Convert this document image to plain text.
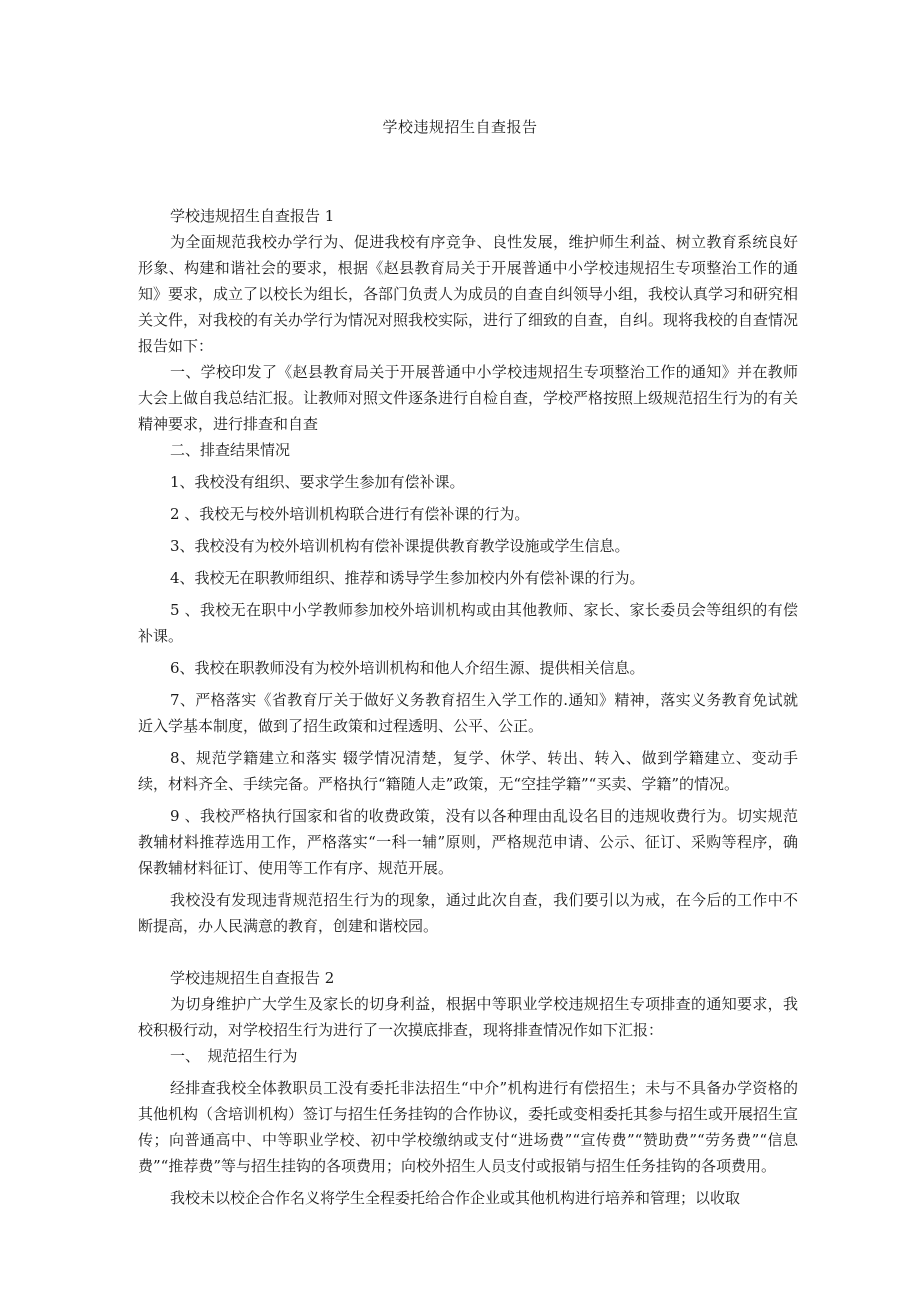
学校违规招生自查报告

学校违规招生自查报告 1

为全面规范我校办学行为、促进我校有序竞争、良性发展，维护师生利益、树立教育系统良好形象、构建和谐社会的要求，根据《赵县教育局关于开展普通中小学校违规招生专项整治工作的通知》要求，成立了以校长为组长，各部门负责人为成员的自查自纠领导小组，我校认真学习和研究相关文件，对我校的有关办学行为情况对照我校实际，进行了细致的自查，自纠。现将我校的自查情况报告如下：

一、学校印发了《赵县教育局关于开展普通中小学校违规招生专项整治工作的通知》并在教师大会上做自我总结汇报。让教师对照文件逐条进行自检自查，学校严格按照上级规范招生行为的有关精神要求，进行排查和自查

二、排查结果情况

1、我校没有组织、要求学生参加有偿补课。

2 、我校无与校外培训机构联合进行有偿补课的行为。

3、我校没有为校外培训机构有偿补课提供教育教学设施或学生信息。

4、我校无在职教师组织、推荐和诱导学生参加校内外有偿补课的行为。

5 、我校无在职中小学教师参加校外培训机构或由其他教师、家长、家长委员会等组织的有偿补课。

6、我校在职教师没有为校外培训机构和他人介绍生源、提供相关信息。

7、严格落实《省教育厅关于做好义务教育招生入学工作的.通知》精神，落实义务教育免试就近入学基本制度，做到了招生政策和过程透明、公平、公正。

8、规范学籍建立和落实 辍学情况清楚，复学、休学、转出、转入、做到学籍建立、变动手续，材料齐全、手续完备。严格执行“籍随人走”政策，无“空挂学籍”“买卖、学籍”的情况。

9 、我校严格执行国家和省的收费政策，没有以各种理由乱设名目的违规收费行为。切实规范教辅材料推荐选用工作，严格落实“一科一辅”原则，严格规范申请、公示、征订、采购等程序，确保教辅材料征订、使用等工作有序、规范开展。

我校没有发现违背规范招生行为的现象，通过此次自查，我们要引以为戒，在今后的工作中不断提高，办人民满意的教育，创建和谐校园。

学校违规招生自查报告 2

为切身维护广大学生及家长的切身利益，根据中等职业学校违规招生专项排查的通知要求，我校积极行动，对学校招生行为进行了一次摸底排查，现将排查情况作如下汇报：

一、　规范招生行为

经排查我校全体教职员工没有委托非法招生“中介”机构进行有偿招生；未与不具备办学资格的其他机构（含培训机构）签订与招生任务挂钩的合作协议，委托或变相委托其参与招生或开展招生宣传；向普通高中、中等职业学校、初中学校缴纳或支付“进场费”“宣传费”“赞助费”“劳务费”“信息费”“推荐费”等与招生挂钩的各项费用；向校外招生人员支付或报销与招生任务挂钩的各项费用。

我校未以校企合作名义将学生全程委托给合作企业或其他机构进行培养和管理；以收取
